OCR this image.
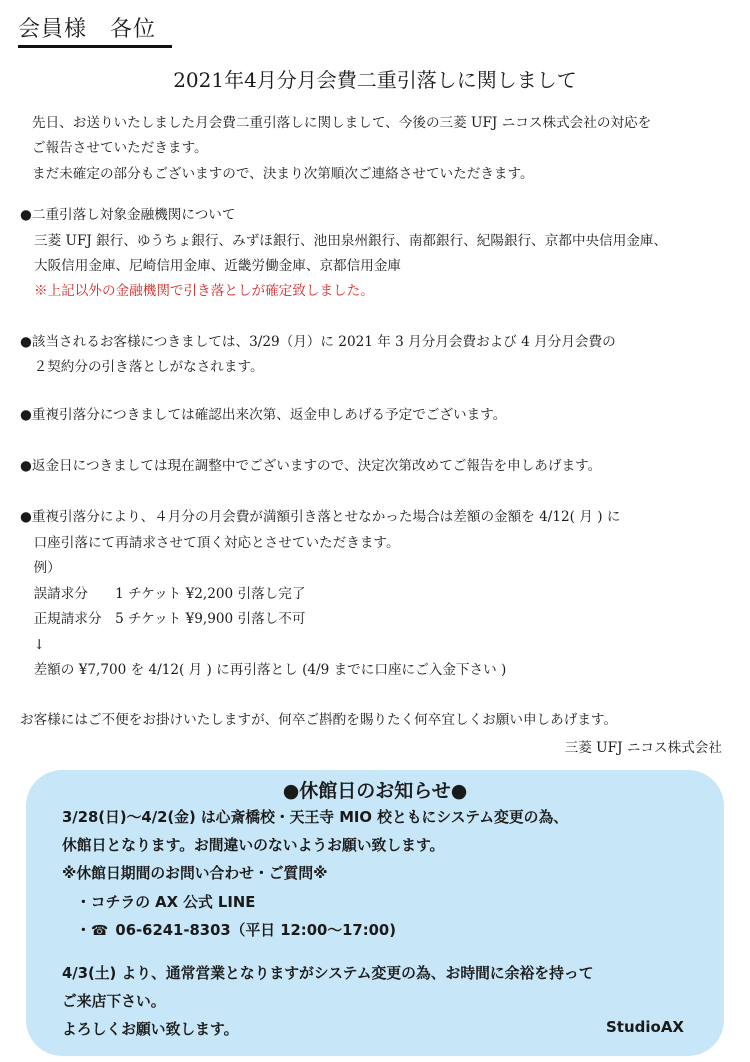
会員様　各位
2021年4月分月会費二重引落しに関しまして
先日、お送りいたしました月会費二重引落しに関しまして、今後の三菱 UFJ ニコス株式会社の対応を
ご報告させていただきます。
まだ未確定の部分もございますので、決まり次第順次ご連絡させていただきます。
●二重引落し対象金融機関について
三菱 UFJ 銀行、ゆうちょ銀行、みずほ銀行、池田泉州銀行、南都銀行、紀陽銀行、京都中央信用金庫、
大阪信用金庫、尼崎信用金庫、近畿労働金庫、京都信用金庫
※上記以外の金融機関で引き落としが確定致しました。
●該当されるお客様につきましては、3/29（月）に 2021 年 3 月分月会費および 4 月分月会費の
　２契約分の引き落としがなされます。
●重複引落分につきましては確認出来次第、返金申しあげる予定でございます。
●返金日につきましては現在調整中でございますので、決定次第改めてご報告を申しあげます。
●重複引落分により、４月分の月会費が満額引き落とせなかった場合は差額の金額を 4/12( 月 ) に
　口座引落にて再請求させて頂く対応とさせていただきます。
　例）
　誤請求分　　1 チケット ¥2,200 引落し完了
　正規請求分　5 チケット ¥9,900 引落し不可
　↓
　差額の ¥7,700 を 4/12( 月 ) に再引落とし (4/9 までに口座にご入金下さい )
お客様にはご不便をお掛けいたしますが、何卒ご斟酌を賜りたく何卒宜しくお願い申しあげます。
三菱 UFJ ニコス株式会社
●休館日のお知らせ●
3/28(日)～4/2(金) は心斎橋校・天王寺 MIO 校ともにシステム変更の為、
休館日となります。お間違いのないようお願い致します。
※休館日期間のお問い合わせ・ご質問※
・コチラの AX 公式 LINE
・☎ 06-6241-8303（平日 12:00～17:00)
4/3(土) より、通常営業となりますがシステム変更の為、お時間に余裕を持って
ご来店下さい。
よろしくお願い致します。	StudioAX
